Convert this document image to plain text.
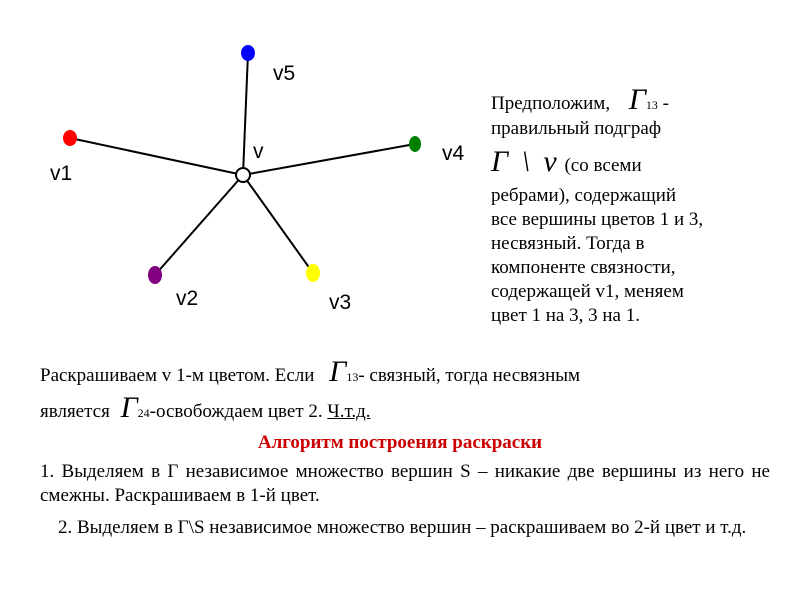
v5
v1
v4
v2	v3
v
Предположим, Г13 -
правильный подграф
Г \ v (со всеми
ребрами), содержащий
все вершины цветов 1 и 3,
несвязный. Тогда в
компоненте связности,
содержащей v1, меняем
цвет 1 на 3, 3 на 1.
Раскрашиваем v 1-м цветом. Если Г13- связный, тогда несвязным
является Г24-освобождаем цвет 2. Ч.т.д.
Алгоритм построения раскраски
1. Выделяем в Г независимое множество вершин S – никакие две вершины из него не смежны. Раскрашиваем в 1-й цвет.
2. Выделяем в Г\S независимое множество вершин – раскрашиваем во 2-й цвет и т.д.
